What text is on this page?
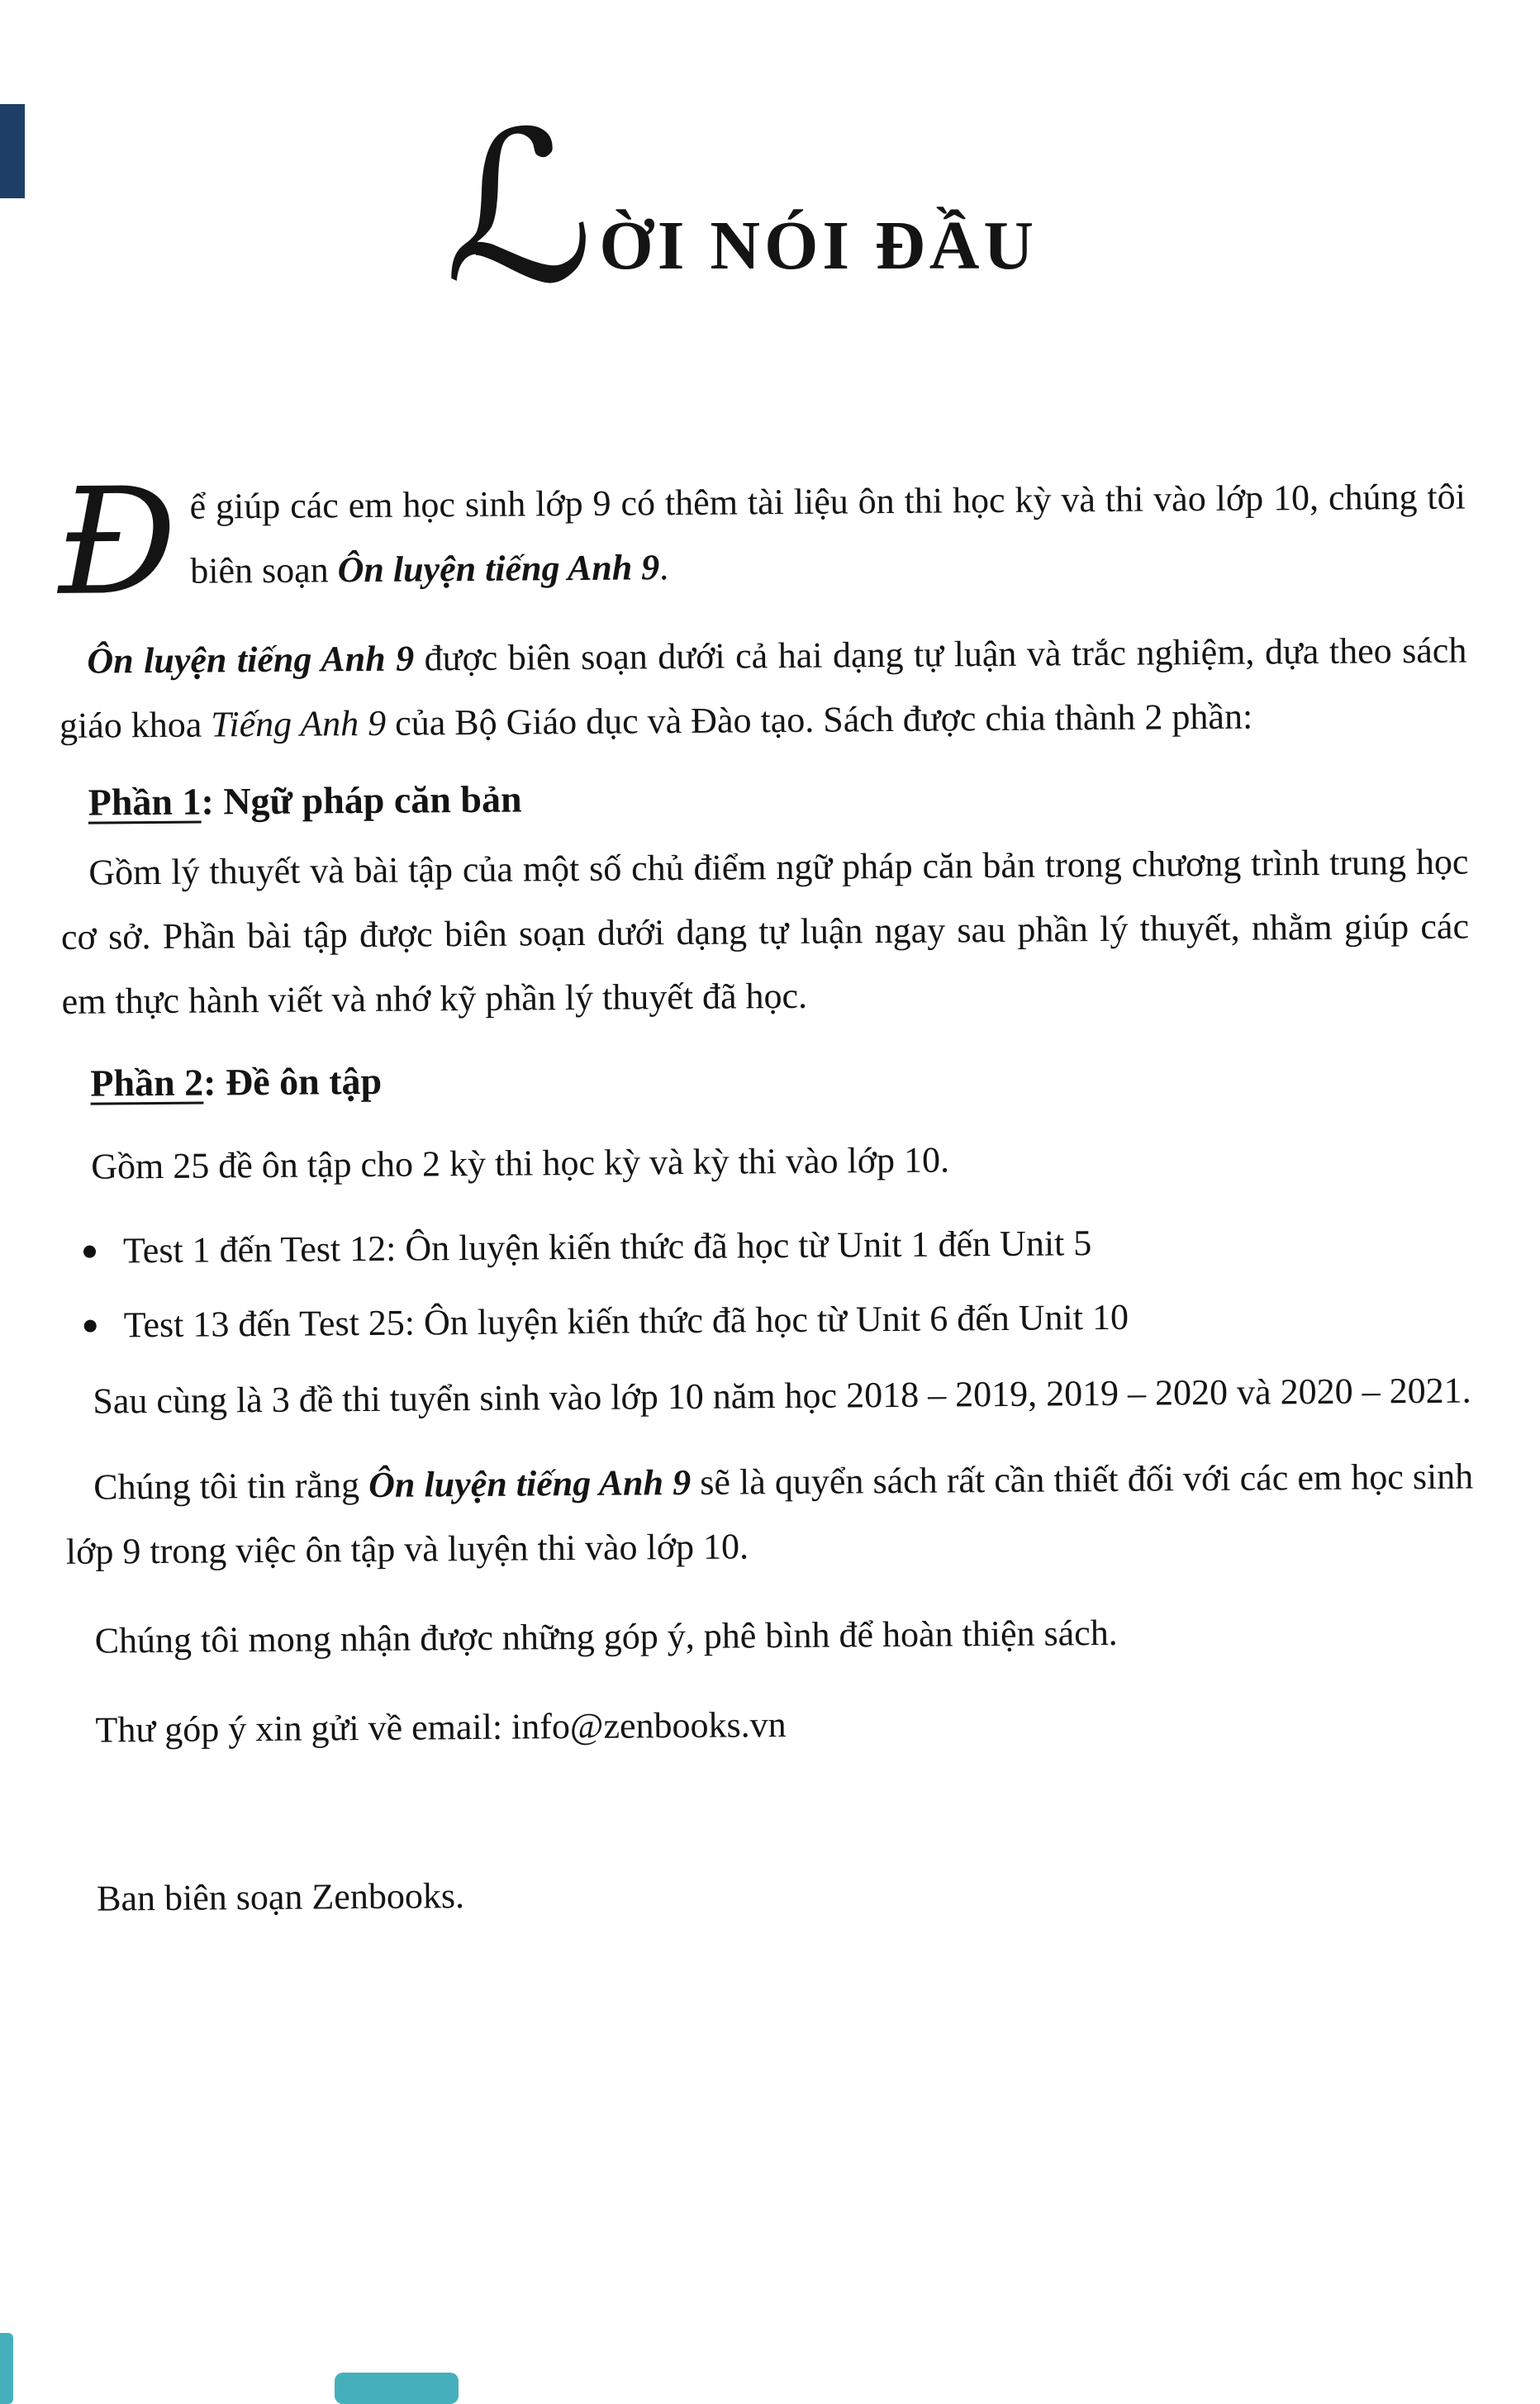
ℒ ỜI NÓI ĐẦU

Để giúp các em học sinh lớp 9 có thêm tài liệu ôn thi học kỳ và thi vào lớp 10, chúng tôi biên soạn Ôn luyện tiếng Anh 9.

Ôn luyện tiếng Anh 9 được biên soạn dưới cả hai dạng tự luận và trắc nghiệm, dựa theo sách giáo khoa Tiếng Anh 9 của Bộ Giáo dục và Đào tạo. Sách được chia thành 2 phần:

Phần 1: Ngữ pháp căn bản

Gồm lý thuyết và bài tập của một số chủ điểm ngữ pháp căn bản trong chương trình trung học cơ sở. Phần bài tập được biên soạn dưới dạng tự luận ngay sau phần lý thuyết, nhằm giúp các em thực hành viết và nhớ kỹ phần lý thuyết đã học.

Phần 2: Đề ôn tập

Gồm 25 đề ôn tập cho 2 kỳ thi học kỳ và kỳ thi vào lớp 10.

Test 1 đến Test 12: Ôn luyện kiến thức đã học từ Unit 1 đến Unit 5
Test 13 đến Test 25: Ôn luyện kiến thức đã học từ Unit 6 đến Unit 10

Sau cùng là 3 đề thi tuyển sinh vào lớp 10 năm học 2018 – 2019, 2019 – 2020 và 2020 – 2021.

Chúng tôi tin rằng Ôn luyện tiếng Anh 9 sẽ là quyển sách rất cần thiết đối với các em học sinh lớp 9 trong việc ôn tập và luyện thi vào lớp 10.

Chúng tôi mong nhận được những góp ý, phê bình để hoàn thiện sách.

Thư góp ý xin gửi về email: info@zenbooks.vn

Ban biên soạn Zenbooks.
